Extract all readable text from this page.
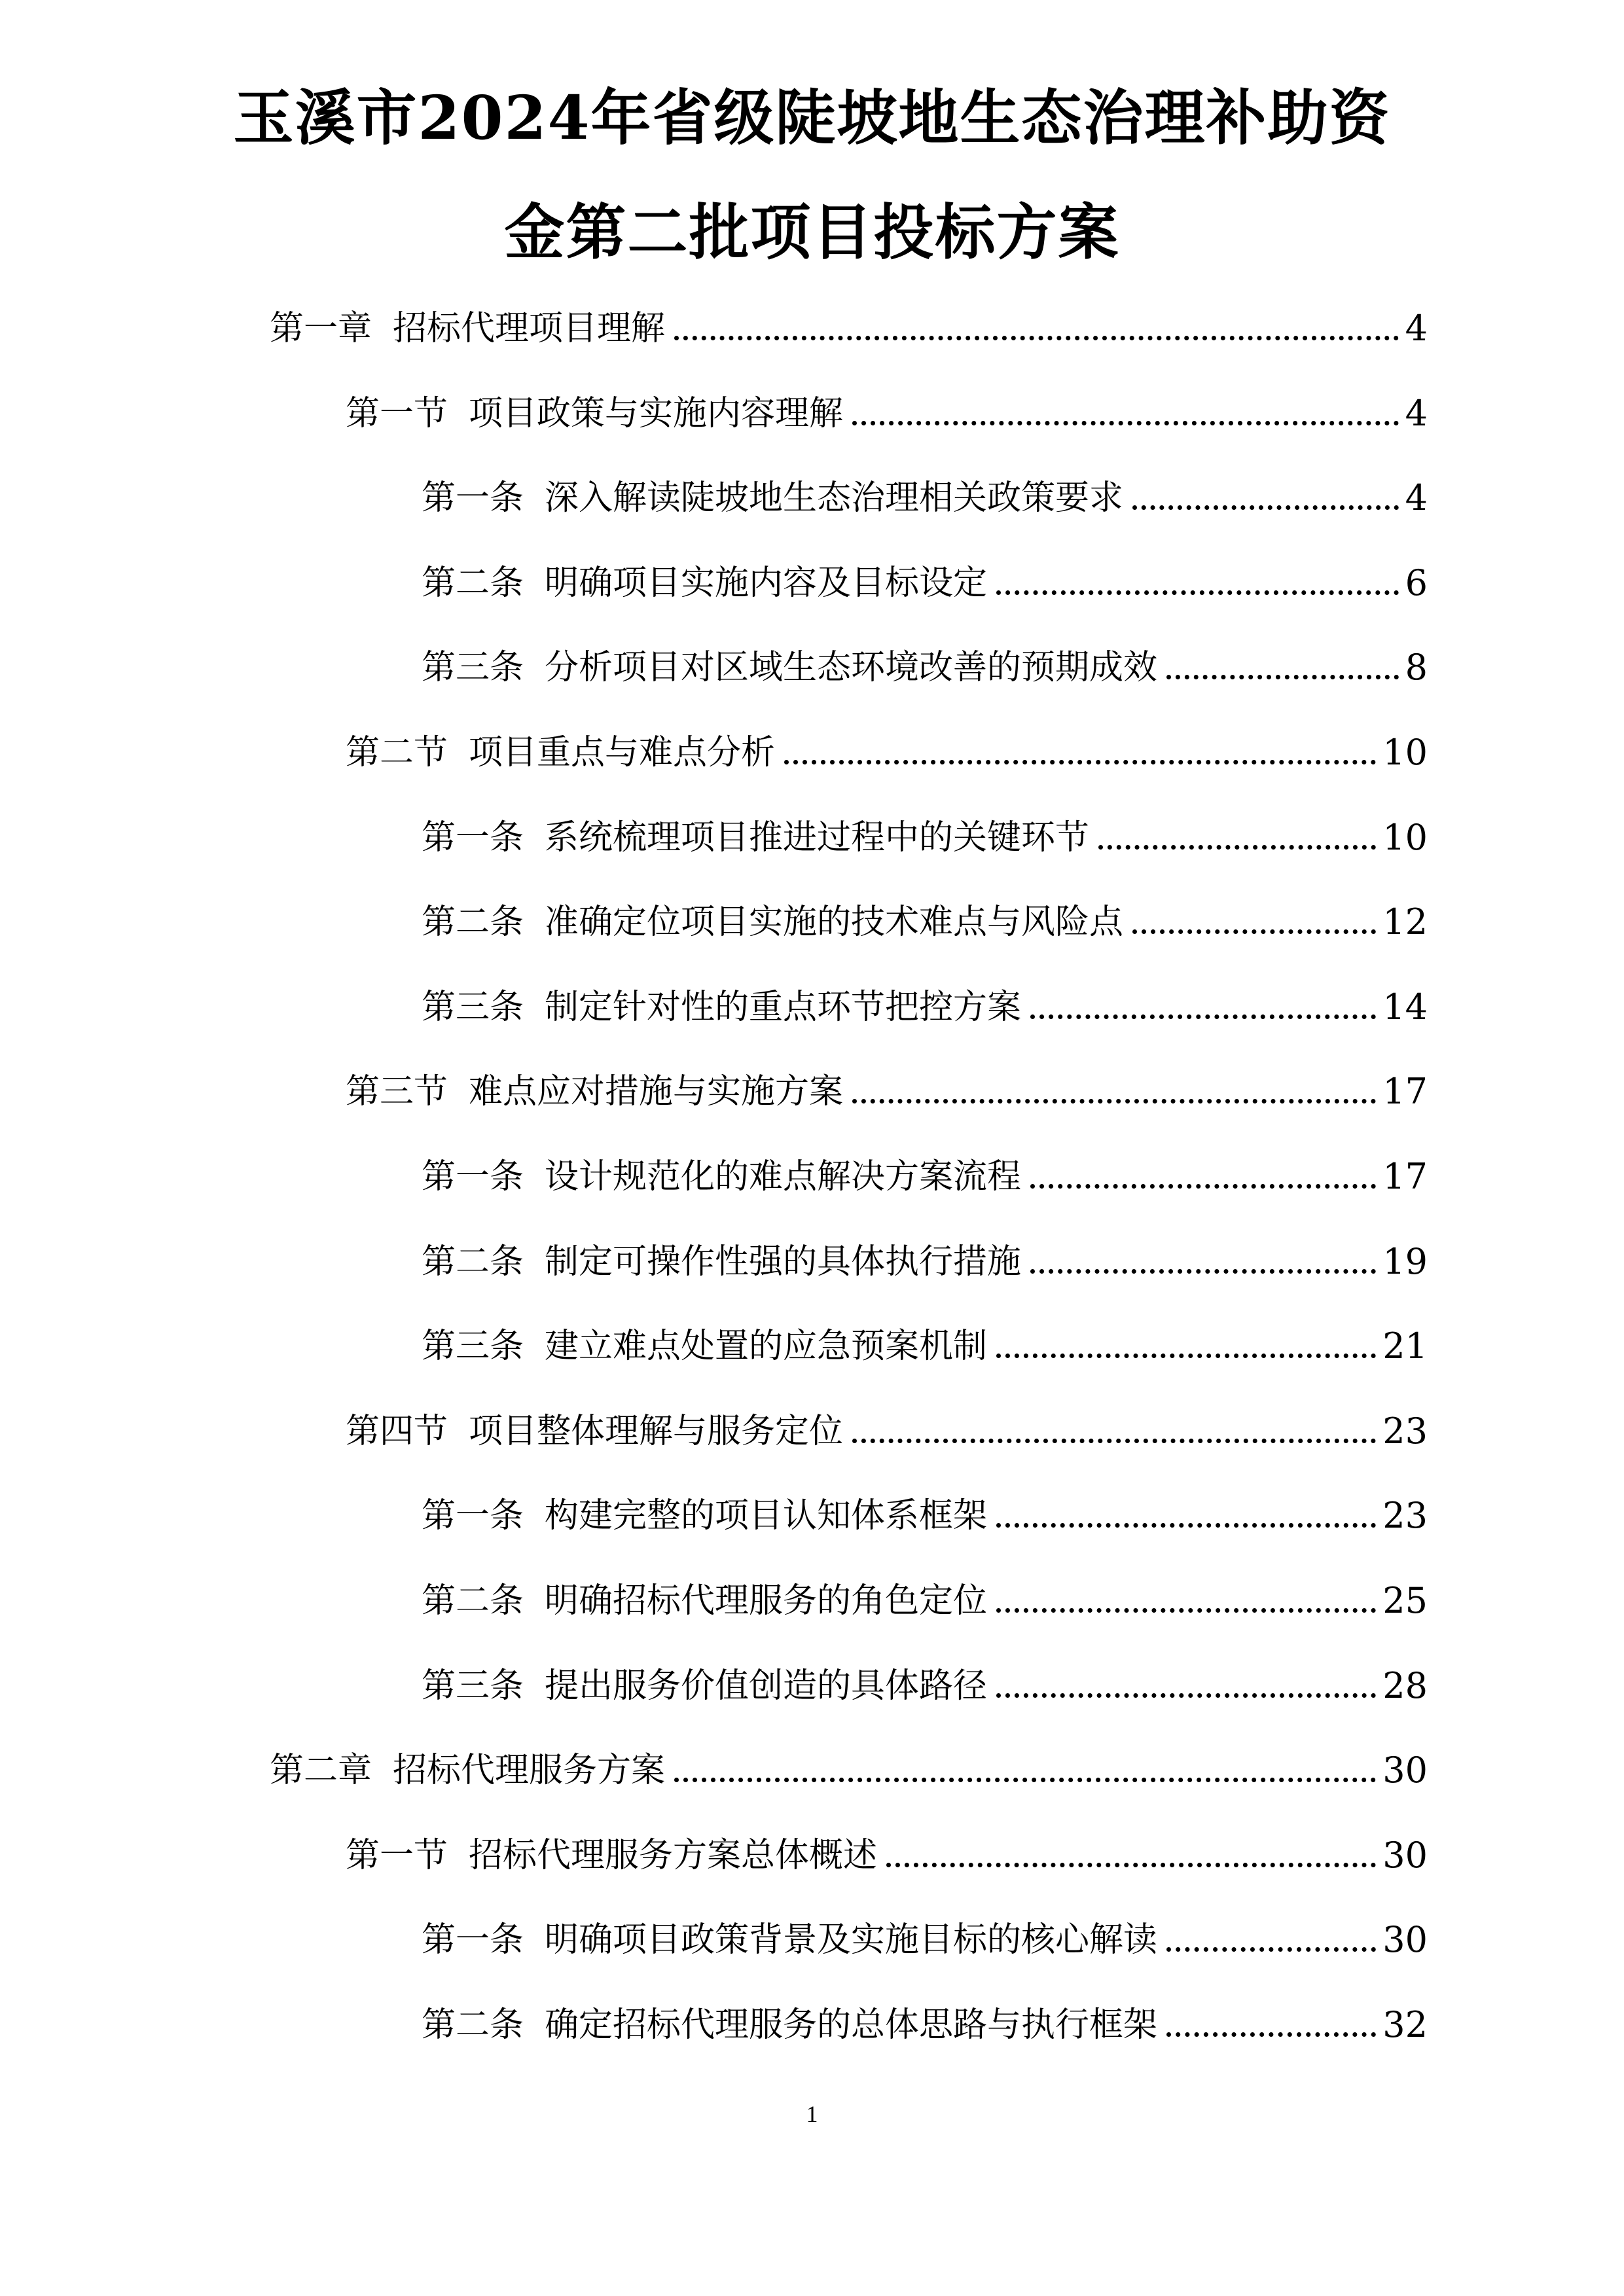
玉溪市2024年省级陡坡地生态治理补助资
金第二批项目投标方案
第一章 招标代理项目理解	4
第一节 项目政策与实施内容理解	4
第一条 深入解读陡坡地生态治理相关政策要求	4
第二条 明确项目实施内容及目标设定	6
第三条 分析项目对区域生态环境改善的预期成效	8
第二节 项目重点与难点分析	10
第一条 系统梳理项目推进过程中的关键环节	10
第二条 准确定位项目实施的技术难点与风险点	12
第三条 制定针对性的重点环节把控方案	14
第三节 难点应对措施与实施方案	17
第一条 设计规范化的难点解决方案流程	17
第二条 制定可操作性强的具体执行措施	19
第三条 建立难点处置的应急预案机制	21
第四节 项目整体理解与服务定位	23
第一条 构建完整的项目认知体系框架	23
第二条 明确招标代理服务的角色定位	25
第三条 提出服务价值创造的具体路径	28
第二章 招标代理服务方案	30
第一节 招标代理服务方案总体概述	30
第一条 明确项目政策背景及实施目标的核心解读	30
第二条 确定招标代理服务的总体思路与执行框架	32
1
